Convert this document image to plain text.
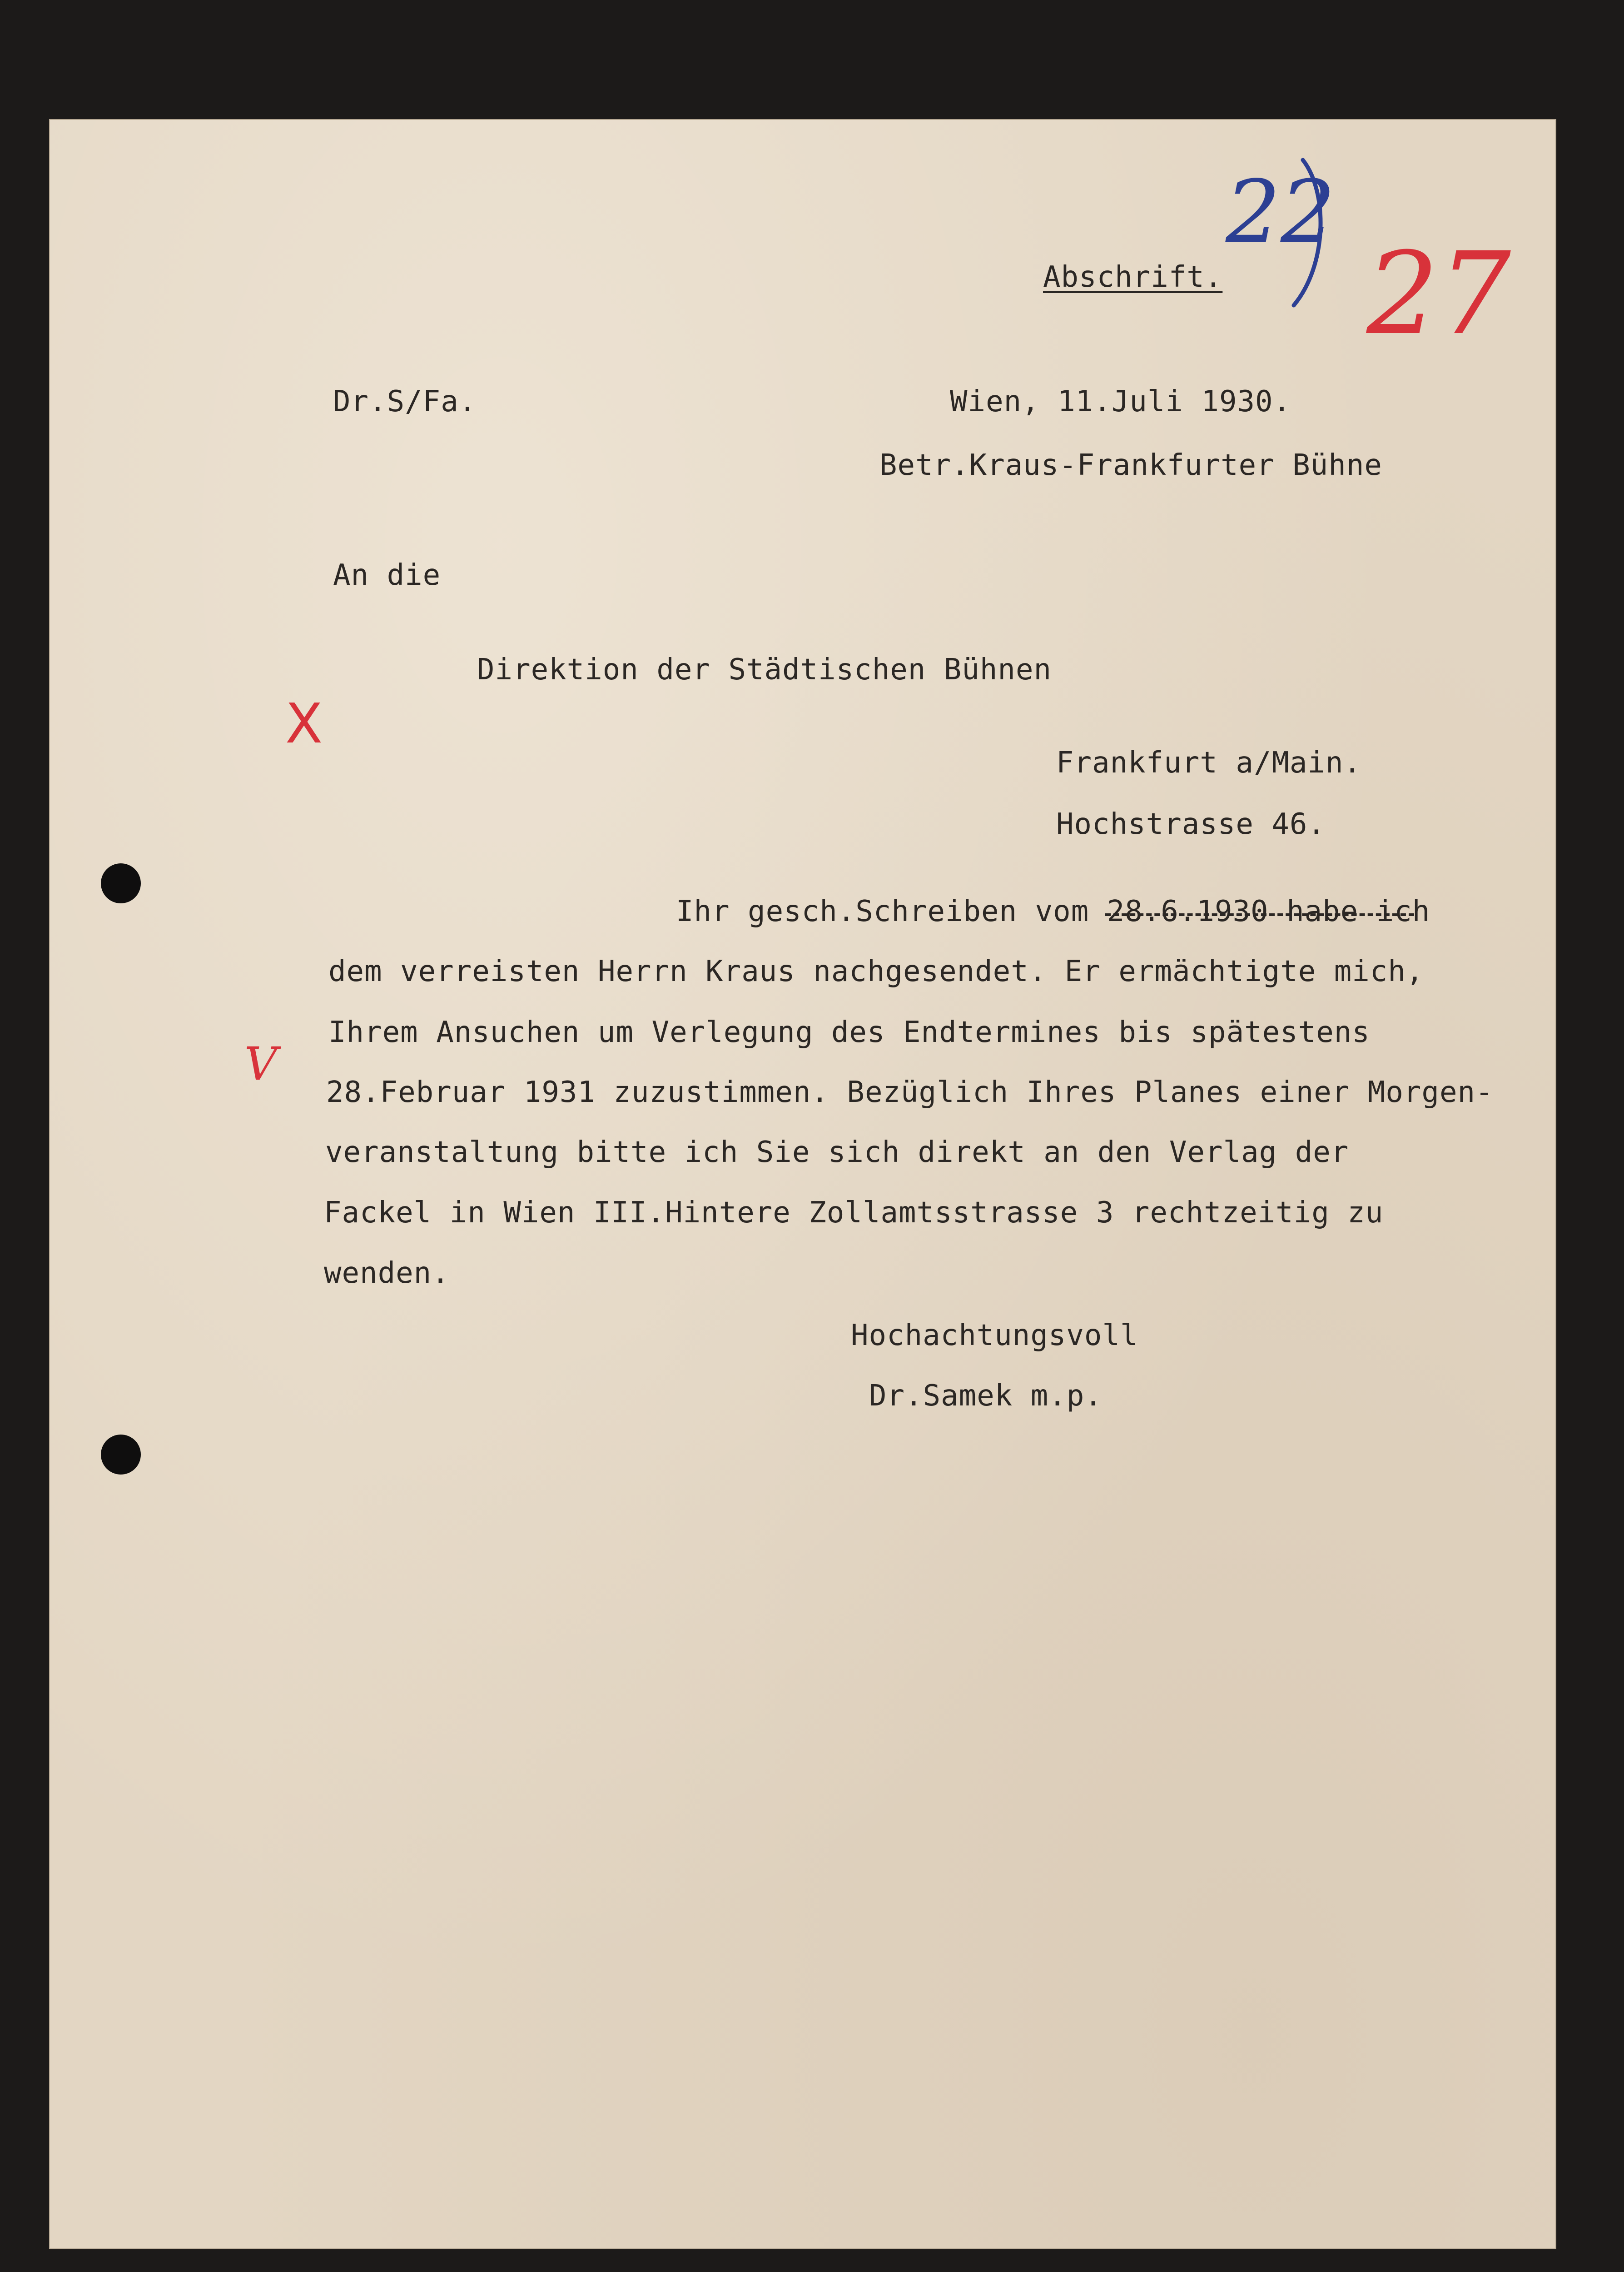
22
27
Abschrift.
Dr.S/Fa.	Wien, 11.Juli 1930.
Betr.Kraus-Frankfurter Bühne
An die
Direktion der Städtischen Bühnen
Frankfurt a/Main.
Hochstrasse 46.
X
V
Ihr gesch.Schreiben vom 28.6.1930 habe ich
dem verreisten Herrn Kraus nachgesendet. Er ermächtigte mich,
Ihrem Ansuchen um Verlegung des Endtermines bis spätestens
28.Februar 1931 zuzustimmen. Bezüglich Ihres Planes einer Morgen-
veranstaltung bitte ich Sie sich direkt an den Verlag der
Fackel in Wien III.Hintere Zollamtsstrasse 3 rechtzeitig zu
wenden.
Hochachtungsvoll
Dr.Samek m.p.
